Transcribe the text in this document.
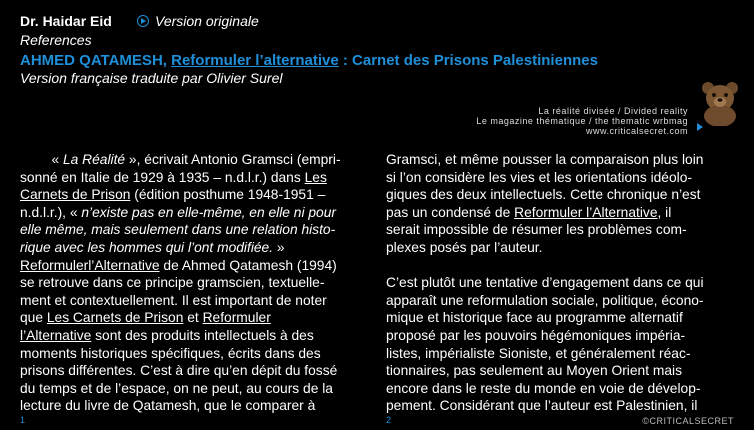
Dr. Haidar Eid	Version originale
References
AHMED QATAMESH, Reformuler l’alternative : Carnet des Prisons Palestiniennes
Version française traduite par Olivier Surel
La réalité divisée / Divided reality
Le magazine thématique / the thematic wrbmag
www.criticalsecret.com

   « La Réalité », écrivait Antonio Gramsci (empri-

sonné en Italie de 1929 à 1935 – n.d.l.r.) dans Les

Carnets de Prison (édition posthume 1948-1951 –

n.d.l.r.), « n’existe pas en elle-même, en elle ni pour

elle même, mais seulement dans une relation histo-

rique avec les hommes qui l’ont modifiée. »

Reformulerl’Alternative de Ahmed Qatamesh (1994)

se retrouve dans ce principe gramscien, textuelle-

ment et contextuellement. Il est important de noter

que Les Carnets de Prison et Reformuler

l’Alternative sont des produits intellectuels à des

moments historiques spécifiques, écrits dans des

prisons différentes. C’est à dire qu’en dépit du fossé

du temps et de l’espace, on ne peut, au cours de la

lecture du livre de Qatamesh, que le comparer à

Gramsci, et même pousser la comparaison plus loin

si l’on considère les vies et les orientations idéolo-

giques des deux intellectuels. Cette chronique n’est

pas un condensé de Reformuler l’Alternative, il

serait impossible de résumer les problèmes com-

plexes posés par l’auteur.

C’est plutôt une tentative d’engagement dans ce qui

apparaît une reformulation sociale, politique, écono-

mique et historique face au programme alternatif

proposé par les pouvoirs hégémoniques impéria-

listes, impérialiste Sioniste, et généralement réac-

tionnaires, pas seulement au Moyen Orient mais

encore dans le reste du monde en voie de dévelop-

pement. Considérant que l’auteur est Palestinien, il

1	2	©CRITICALSECRET
